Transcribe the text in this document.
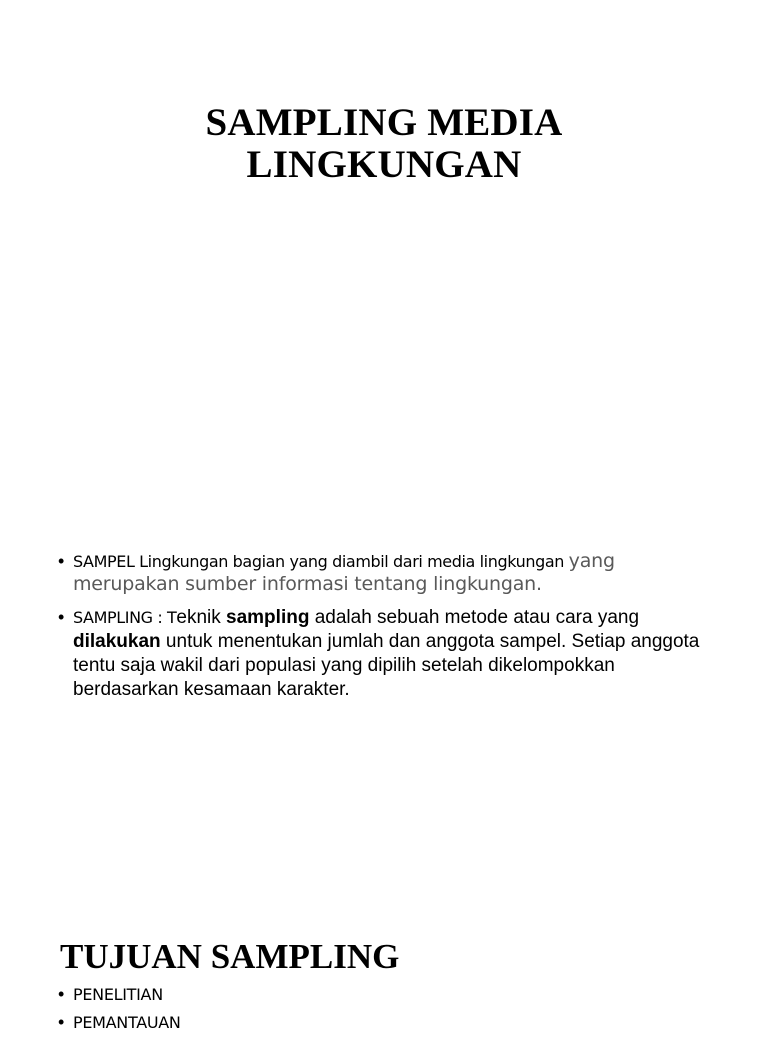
SAMPLING MEDIA
LINGKUNGAN
• SAMPEL Lingkungan bagian yang diambil dari media lingkungan yang merupakan sumber informasi tentang lingkungan.
• SAMPLING : Teknik sampling adalah sebuah metode atau cara yang dilakukan untuk menentukan jumlah dan anggota sampel. Setiap anggota tentu saja wakil dari populasi yang dipilih setelah dikelompokkan berdasarkan kesamaan karakter.
TUJUAN SAMPLING
• PENELITIAN
• PEMANTAUAN
